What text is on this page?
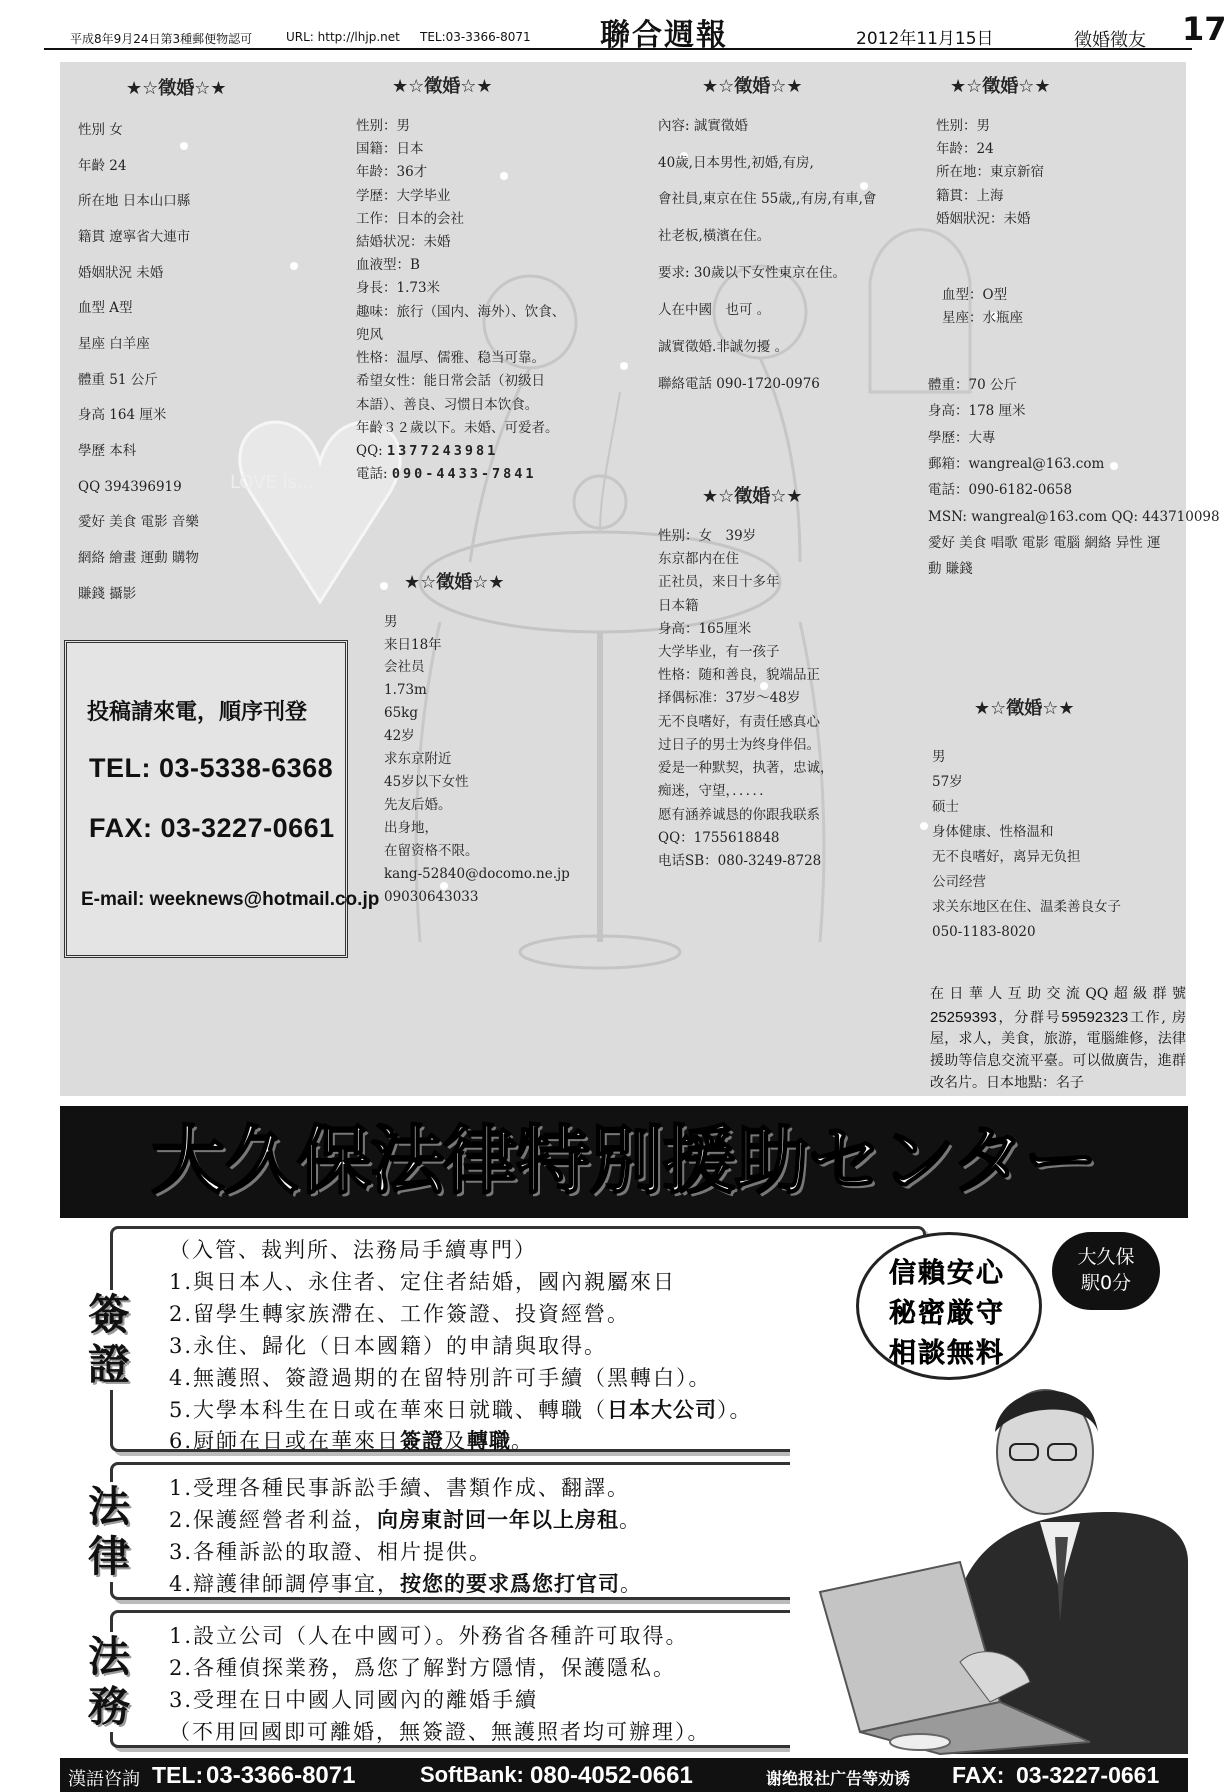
平成8年9月24日第3種郵便物認可	URL: http://lhjp.net TEL:03-3366-8071 聯合週報	2012年11月15日	徵婚徵友 17
LOVE is...
★☆徵婚☆★
性別 女
年齡 24
所在地 日本山口縣
籍貫 遼寧省大連市
婚姻狀況 未婚
血型 A型
星座 白羊座
體重 51 公斤
身高 164 厘米
學歷 本科
QQ 394396919
愛好 美食 電影 音樂
網絡 繪畫 運動 購物
賺錢 攝影
★☆徵婚☆★
性别：男
国籍：日本
年龄：36才
学歴：大学毕业
工作：日本的会社
結婚状况：未婚
血液型：B
身長：1.73米
趣味：旅行（国内、海外）、饮食、
兜风
性格：温厚、儒雅、稳当可靠。
希望女性：能日常会話（初级日
本語）、善良、习惯日本饮食。
年齡３２歲以下。未婚、可爱者。
QQ: 1377243981
電話: 090-4433-7841
★☆徵婚☆★
內容: 誠實徵婚
40歲,日本男性,初婚,有房,
會社員,東京在住 55歳,,有房,有車,會
社老板,橫濱在住。
要求: 30歲以下女性東京在住。
人在中國　也可 。
誠實徵婚.非誠勿擾 。
聯絡電話 090-1720-0976
★☆徵婚☆★
性别：男
年龄：24
所在地：東京新宿
籍貫：上海
婚姻狀況：未婚
血型：O型
星座：水瓶座
體重：70 公斤
身高：178 厘米
學歷：大專
郵箱：wangreal@163.com
電話：090-6182-0658
MSN: wangreal@163.com QQ: 443710098
愛好 美食 唱歌 電影 電腦 網絡 异性 運
動 賺錢
★☆徵婚☆★
性别：女　39岁
东京都内在住
正社员，来日十多年
日本籍
身高：165厘米
大学毕业，有一孩子
性格：随和善良，貌端品正
择偶标准：37岁～48岁
无不良嗜好，有责任感真心
过日子的男士为终身伴侣。
爱是一种默契，执著，忠诚，
痴迷，守望，．．．．．
愿有涵养诚恳的你跟我联系
QQ：1755618848
电话SB：080-3249-8728
★☆徵婚☆★
男
来日18年
会社员
1.73m
65kg
42岁
求东京附近
45岁以下女性
先友后婚。
出身地，
在留资格不限。
kang-52840@docomo.ne.jp
09030643033
★☆徵婚☆★
男
57岁
硕士
身体健康、性格温和
无不良嗜好，离异无负担
公司经营
求关东地区在住、温柔善良女子
050-1183-8020
投稿請來電，順序刊登
TEL: 03-5338-6368
FAX: 03-3227-0661
E-mail: weeknews@hotmail.co.jp
在日華人互助交流QQ超級群號 25259393，分群号59592323工作, 房屋，求人，美食，旅游，電腦維修，法律援助等信息交流平臺。可以做廣告，進群改名片。日本地點：名子
大久保法律特別援助センター
（入管、裁判所、法務局手續專門）
1.與日本人、永住者、定住者結婚，國內親屬來日
2.留學生轉家族滯在、工作簽證、投資經營。
3.永住、歸化（日本國籍）的申請與取得。
4.無護照、簽證過期的在留特別許可手續（黑轉白）。
5.大學本科生在日或在華來日就職、轉職（日本大公司）。
6.厨師在日或在華來日簽證及轉職。
簽證
1.受理各種民事訴訟手續、書類作成、翻譯。
2.保護經營者利益，向房東討回一年以上房租。
3.各種訴訟的取證、相片提供。
4.辯護律師調停事宜，按您的要求爲您打官司。
法律
1.設立公司（人在中國可）。外務省各種許可取得。
2.各種偵探業務，爲您了解對方隱情，保護隱私。
3.受理在日中國人同國內的離婚手續
（不用回國即可離婚，無簽證、無護照者均可辦理）。
法務
信賴安心
秘密厳守
相談無料
大久保
駅0分
漢語咨詢 TEL: 03-3366-8071	SoftBank: 080-4052-0661	谢绝报社广告等劝诱 FAX: 03-3227-0661
